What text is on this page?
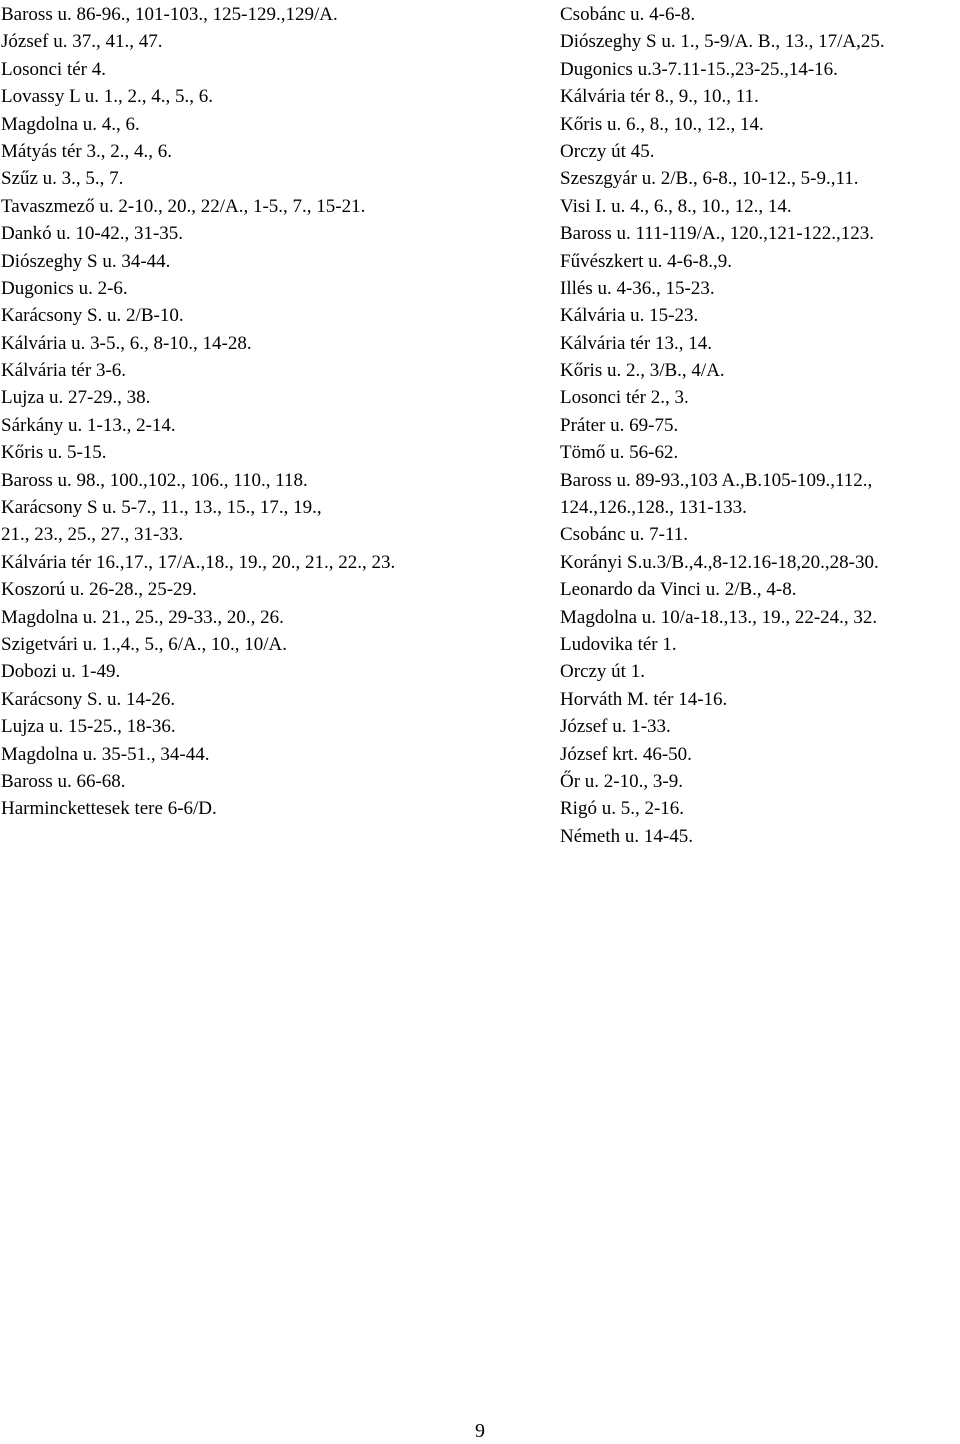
Baross u. 86-96., 101-103., 125-129.,129/A.
József u. 37., 41., 47.
Losonci tér 4.
Lovassy L u. 1., 2., 4., 5., 6.
Magdolna u. 4., 6.
Mátyás tér 3., 2., 4., 6.
Szűz u. 3., 5., 7.
Tavaszmező u. 2-10., 20., 22/A., 1-5., 7., 15-21.
Dankó u. 10-42., 31-35.
Diószeghy S u. 34-44.
Dugonics u. 2-6.
Karácsony S. u. 2/B-10.
Kálvária u. 3-5., 6., 8-10., 14-28.
Kálvária tér 3-6.
Lujza u. 27-29., 38.
Sárkány u. 1-13., 2-14.
Kőris u. 5-15.
Baross u. 98., 100.,102., 106., 110., 118.
Karácsony S u. 5-7., 11., 13., 15., 17., 19.,
21., 23., 25., 27., 31-33.
Kálvária tér 16.,17., 17/A.,18., 19., 20., 21., 22., 23.
Koszorú u. 26-28., 25-29.
Magdolna u. 21., 25., 29-33., 20., 26.
Szigetvári u. 1.,4., 5., 6/A., 10., 10/A.
Dobozi u. 1-49.
Karácsony S. u. 14-26.
Lujza u. 15-25., 18-36.
Magdolna u. 35-51., 34-44.
Baross u. 66-68.
Harminckettesek tere 6-6/D.
Csobánc u. 4-6-8.
Diószeghy S u. 1., 5-9/A. B., 13., 17/A,25.
Dugonics u.3-7.11-15.,23-25.,14-16.
Kálvária tér 8., 9., 10., 11.
Kőris u. 6., 8., 10., 12., 14.
Orczy út 45.
Szeszgyár u. 2/B., 6-8., 10-12., 5-9.,11.
Visi I. u. 4., 6., 8., 10., 12., 14.
Baross u. 111-119/A., 120.,121-122.,123.
Fűvészkert u. 4-6-8.,9.
Illés u. 4-36., 15-23.
Kálvária u. 15-23.
Kálvária tér 13., 14.
Kőris u. 2., 3/B., 4/A.
Losonci tér 2., 3.
Práter u. 69-75.
Tömő u. 56-62.
Baross u. 89-93.,103 A.,B.105-109.,112.,
124.,126.,128., 131-133.
Csobánc u. 7-11.
Korányi S.u.3/B.,4.,8-12.16-18,20.,28-30.
Leonardo da Vinci u. 2/B., 4-8.
Magdolna u. 10/a-18.,13., 19., 22-24., 32.
Ludovika tér 1.
Orczy út 1.
Horváth M. tér 14-16.
József u. 1-33.
József krt. 46-50.
Őr u. 2-10., 3-9.
Rigó u. 5., 2-16.
Németh u. 14-45.
9
